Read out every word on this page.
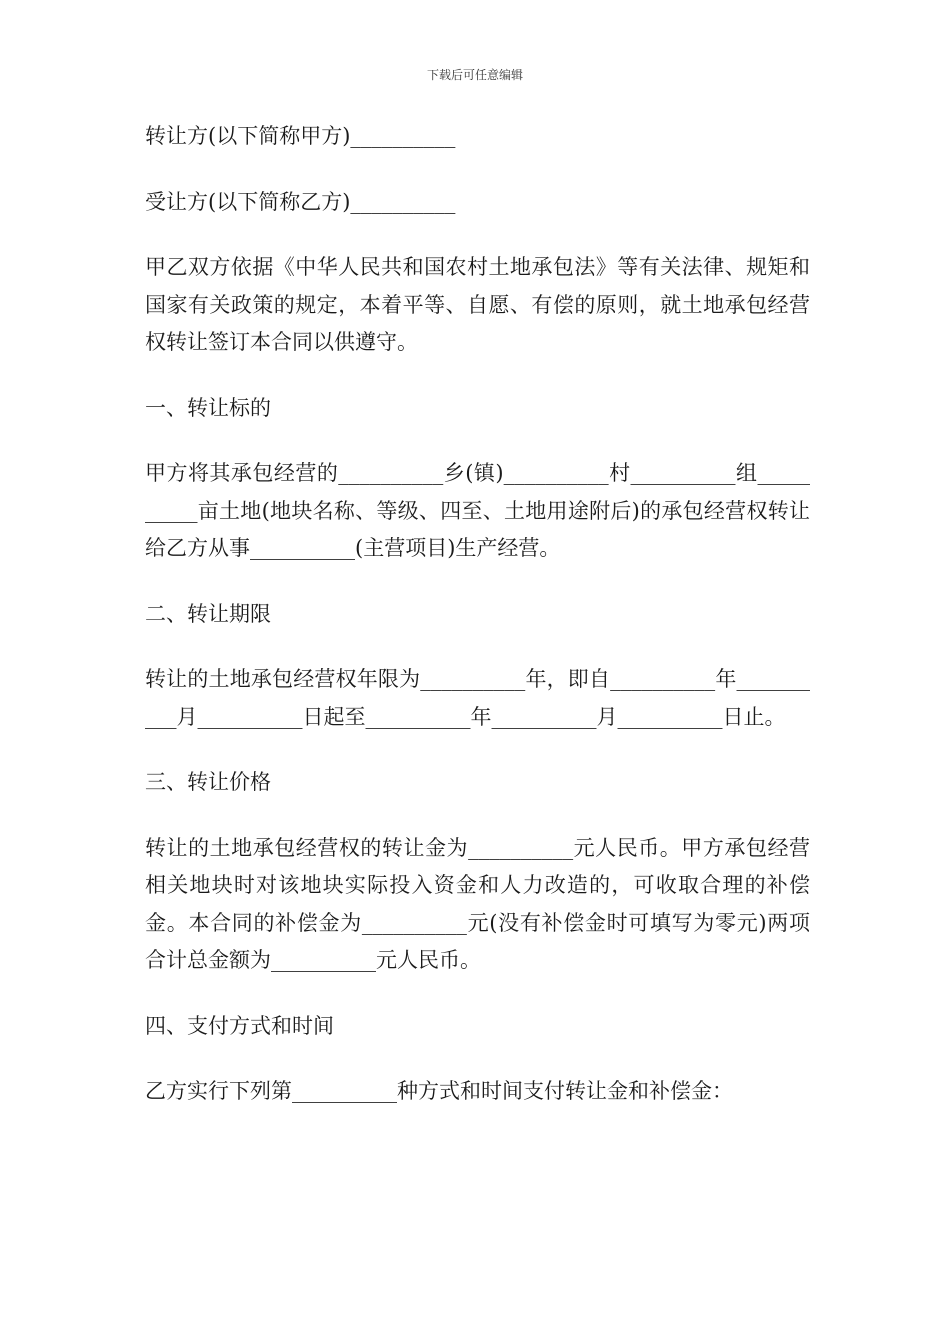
下载后可任意编辑

转让方(以下简称甲方)__________

受让方(以下简称乙方)__________

甲乙双方依据《中华人民共和国农村土地承包法》等有关法律、规矩和国家有关政策的规定，本着平等、自愿、有偿的原则，就土地承包经营权转让签订本合同以供遵守。

一、转让标的

甲方将其承包经营的__________乡(镇)__________村__________组__________亩土地(地块名称、等级、四至、土地用途附后)的承包经营权转让给乙方从事__________(主营项目)生产经营。

二、转让期限

转让的土地承包经营权年限为__________年，即自__________年__________月__________日起至__________年__________月__________日止。

三、转让价格

转让的土地承包经营权的转让金为__________元人民币。甲方承包经营相关地块时对该地块实际投入资金和人力改造的，可收取合理的补偿金。本合同的补偿金为__________元(没有补偿金时可填写为零元)两项合计总金额为__________元人民币。

四、支付方式和时间

乙方实行下列第__________种方式和时间支付转让金和补偿金：
